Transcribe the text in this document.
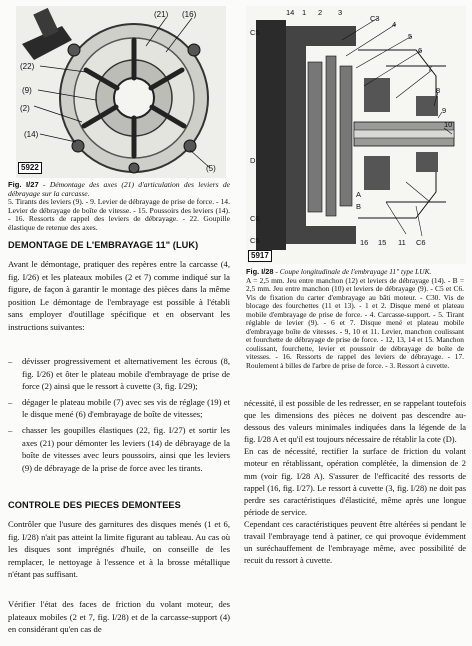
(21) (16)
(22)
(9)
(2)
(14)
(5)
5922
Fig. I/27 - Démontage des axes (21) d'articulation des leviers de débrayage sur la carcasse.
5. Tirants des leviers (9). - 9. Levier de débrayage de prise de force. - 14. Levier de débrayage de boîte de vitesse. - 15. Poussoirs des leviers (14). - 16. Ressorts de rappel des leviers de débrayage. - 22. Goupille élastique de retenue des axes.
DEMONTAGE DE L'EMBRAYAGE 11" (LUK)
Avant le démontage, pratiquer des repères entre la carcasse (4, fig. I/26) et les plateaux mobiles (2 et 7) comme indiqué sur la figure, de façon à garantir le montage des pièces dans la même position Le démontage de l'embrayage est possible à l'établi sans employer d'outillage spécifique et en observant les instructions suivantes:
– dévisser progressivement et alternativement les écrous (8, fig. I/26) et ôter le plateau mobile d'embrayage de prise de force (2) ainsi que le ressort à cuvette (3, fig. I/29);
– dégager le plateau mobile (7) avec ses vis de réglage (19) et le disque mené (6) d'embrayage de boîte de vitesses;
– chasser les goupilles élastiques (22, fig. I/27) et sortir les axes (21) pour démonter les leviers (14) de débrayage de la boîte de vitesses avec leurs poussoirs, ainsi que les leviers (9) de débrayage de la prise de force avec les tirants.
CONTROLE DES PIECES DEMONTEES
Contrôler que l'usure des garnitures des disques menés (1 et 6, fig. I/28) n'ait pas atteint la limite figurant au tableau. Au cas où les disques sont imprégnés d'huile, on conseille de les remplacer, le nettoyage à l'essence et à la brosse métallique n'étant pas suffisant.
Vérifier l'état des faces de friction du volant moteur, des plateaux mobiles (2 et 7, fig. I/28) et de la carcasse-support (4) en considérant qu'en cas de
C3
4
5
6
7
8
9
10
C5
D
A
B
C6
C5	11 C6
15
16
3
2
1
14
5917
Fig. I/28 - Coupe longitudinale de l'embrayage 11" type LUK.
A = 2,5 mm. Jeu entre manchon (12) et leviers de débrayage (14). - B = 2,5 mm. Jeu entre manchon (10) et leviers de débrayage (9). - C5 et C6. Vis de fixation du carter d'embrayage au bâti moteur. - C30. Vis de blocage des fourchettes (11 et 13). - 1 et 2. Disque mené et plateau mobile d'embrayage de prise de force. - 4. Carcasse-support. - 5. Tirant réglable de levier (9). - 6 et 7. Disque mené et plateau mobile d'embrayage boîte de vitesses. - 9, 10 et 11. Levier, manchon coulissant et fourchette de débrayage de prise de force. - 12, 13, 14 et 15. Manchon coulissant, fourchette, levier et poussoir de débrayage de boîte de vitesses. - 16. Ressorts de rappel des leviers de débrayage. - 17. Roulement à billes de l'arbre de prise de force. - 3. Ressort à cuvette.

nécessité, il est possible de les redresser, en se rappelant toutefois que les dimensions des pièces ne doivent pas descendre au-dessous des valeurs minimales indiquées dans la légende de la fig. I/28 A et qu'il est toujours nécessaire de rétablir la cote (D).

En cas de nécessité, rectifier la surface de friction du volant moteur en rétablissant, opération complétée, la dimension de 2 mm (voir fig. I/28 A). S'assurer de l'efficacité des ressorts de rappel (16, fig. I/27). Le ressort à cuvette (3, fig. I/28) ne doit pas perdre ses caractéristiques d'élasticité, même après une longue période de service.

Cependant ces caractéristiques peuvent être altérées si pendant le travail l'embrayage tend à patiner, ce qui provoque évidemment un suréchauffement de l'embrayage même, avec possibilité de recuit du ressort à cuvette.
